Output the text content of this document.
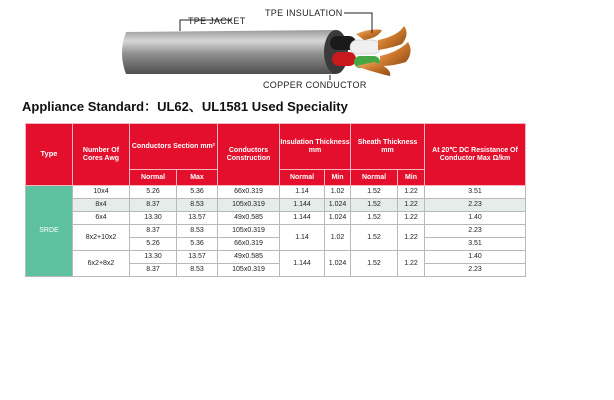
TPE INSULATION
TPE JACKET
COPPER CONDUCTOR
Appliance Standard：UL62、UL1581 Used Speciality
Type	Number Of Cores Awg	Conductors Section mm²		Conductors Construction	Insulation Thickness mm		Sheath Thickness mm		At 20℃ DC Resistance Of Conductor Max Ω/km
		Normal	Max		Normal	Min	Normal	Min	
SRDE	10x4	5.26	5.36	66x0.319	1.14	1.02	1.52	1.22	3.51
	8x4	8.37	8.53	105x0.319	1.144	1.024	1.52	1.22	2.23
	6x4	13.30	13.57	49x0.585	1.144	1.024	1.52	1.22	1.40
	8x2+10x2	8.37	8.53	105x0.319	1.14	1.02	1.52	1.22	2.23
		5.26	5.36	66x0.319					3.51
	6x2+8x2	13.30	13.57	49x0.585	1.144	1.024	1.52	1.22	1.40
		8.37	8.53	105x0.319					2.23
